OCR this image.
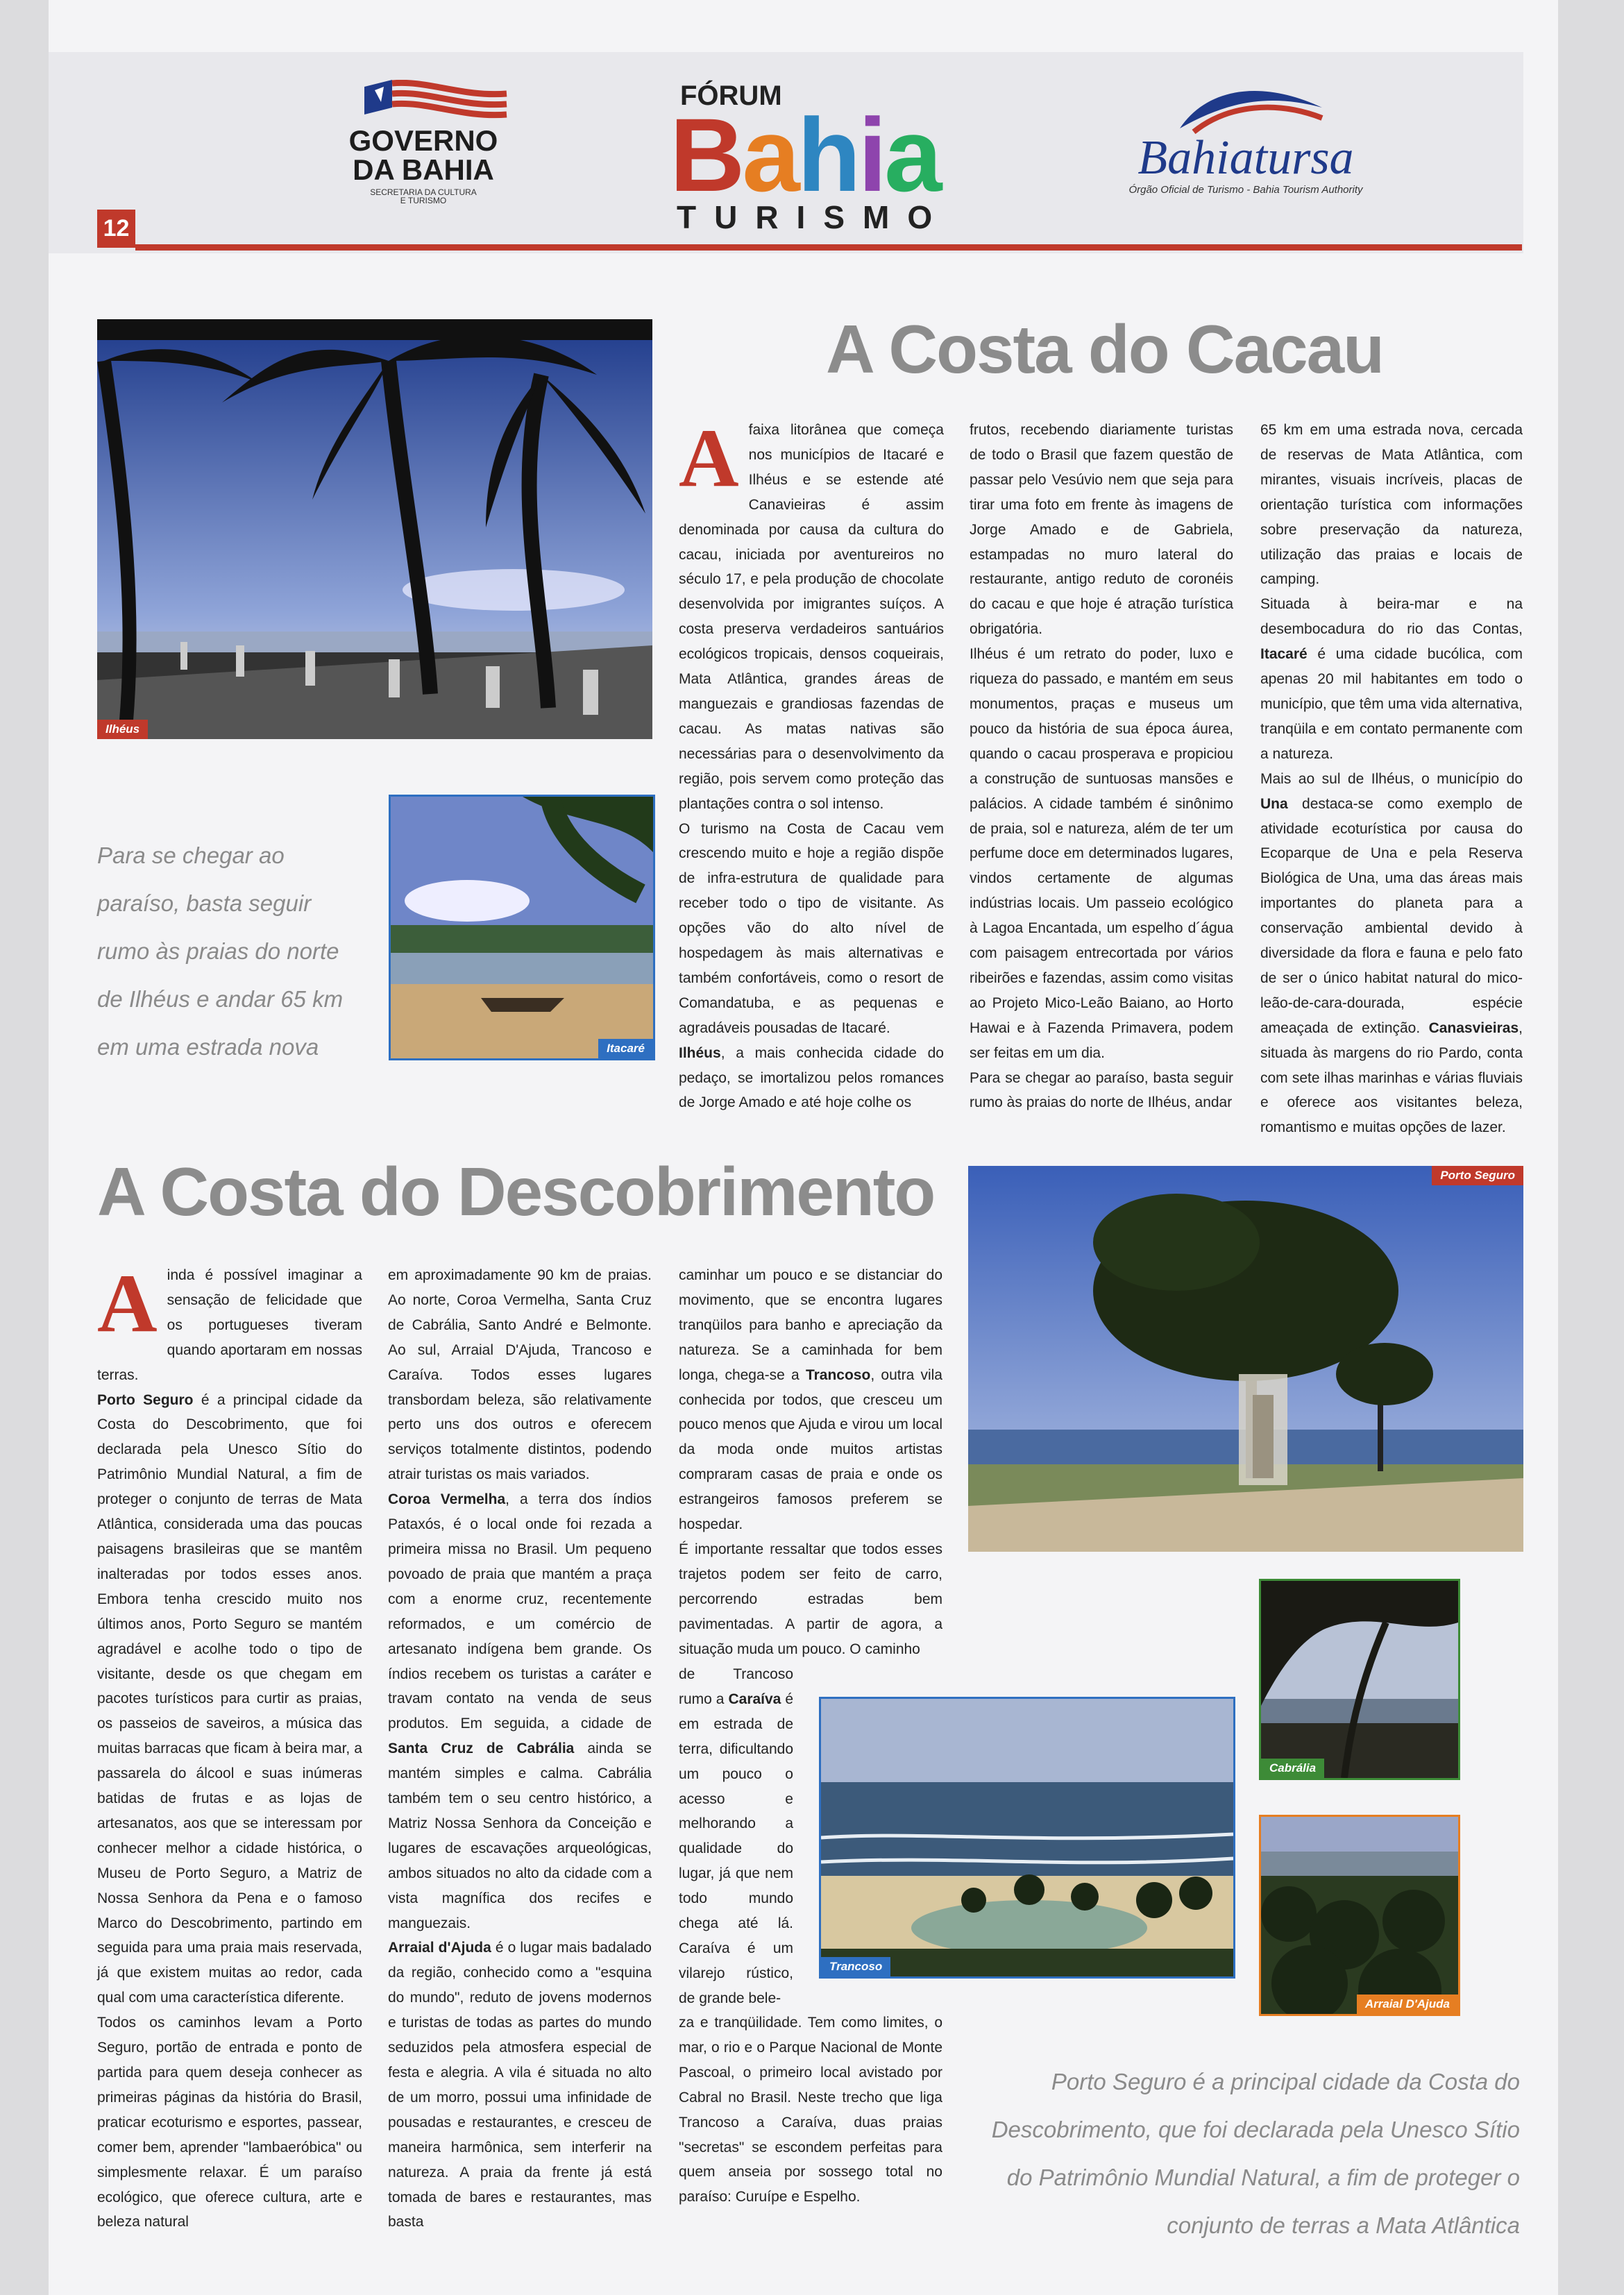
GOVERNO
DA BAHIA
SECRETARIA DA CULTURA
E TURISMO
FÓRUM
Bahia
TURISMO
Bahiatursa
Órgão Oficial de Turismo - Bahia Tourism Authority
12
A Costa do Cacau
Ilhéus
Itacaré
Para se chegar ao
paraíso, basta seguir
rumo às praias do norte
de Ilhéus e andar 65 km
em uma estrada nova
A faixa litorânea que começa nos municípios de Itacaré e Ilhéus e se estende até Canavieiras é assim denominada por causa da cultura do cacau, iniciada por aventureiros no século 17, e pela produção de chocolate desenvolvida por imigrantes suíços. A costa preserva verdadeiros santuários ecológicos tropicais, densos coqueirais, Mata Atlântica, grandes áreas de manguezais e grandiosas fazendas de cacau. As matas nativas são necessárias para o desenvolvimento da região, pois servem como proteção das plantações contra o sol intenso.

O turismo na Costa de Cacau vem crescendo muito e hoje a região dispõe de infra-estrutura de qualidade para receber todo o tipo de visitante. As opções vão do alto nível de hospedagem às mais alternativas e também confortáveis, como o resort de Comandatuba, e as pequenas e agradáveis pousadas de Itacaré.

Ilhéus, a mais conhecida cidade do pedaço, se imortalizou pelos romances de Jorge Amado e até hoje colhe os

frutos, recebendo diariamente turistas de todo o Brasil que fazem questão de passar pelo Vesúvio nem que seja para tirar uma foto em frente às imagens de Jorge Amado e de Gabriela, estampadas no muro lateral do restaurante, antigo reduto de coronéis do cacau e que hoje é atração turística obrigatória.

Ilhéus é um retrato do poder, luxo e riqueza do passado, e mantém em seus monumentos, praças e museus um pouco da história de sua época áurea, quando o cacau prosperava e propiciou a construção de suntuosas mansões e palácios. A cidade também é sinônimo de praia, sol e natureza, além de ter um perfume doce em determinados lugares, vindos certamente de algumas indústrias locais. Um passeio ecológico à Lagoa Encantada, um espelho d´água com paisagem entrecortada por vários ribeirões e fazendas, assim como visitas ao Projeto Mico-Leão Baiano, ao Horto Hawai e à Fazenda Primavera, podem ser feitas em um dia.

Para se chegar ao paraíso, basta seguir rumo às praias do norte de Ilhéus, andar

65 km em uma estrada nova, cercada de reservas de Mata Atlântica, com mirantes, visuais incríveis, placas de orientação turística com informações sobre preservação da natureza, utilização das praias e locais de camping.

Situada à beira-mar e na desembocadura do rio das Contas, Itacaré é uma cidade bucólica, com apenas 20 mil habitantes em todo o município, que têm uma vida alternativa, tranqüila e em contato permanente com a natureza.

Mais ao sul de Ilhéus, o município do Una destaca-se como exemplo de atividade ecoturística por causa do Ecoparque de Una e pela Reserva Biológica de Una, uma das áreas mais importantes do planeta para a conservação ambiental devido à diversidade da flora e fauna e pelo fato de ser o único habitat natural do mico-leão-de-cara-dourada, espécie ameaçada de extinção. Canasvieiras, situada às margens do rio Pardo, conta com sete ilhas marinhas e várias fluviais e oferece aos visitantes beleza, romantismo e muitas opções de lazer.

A Costa do Descobrimento
A inda é possível imaginar a sensação de felicidade que os portugueses tiveram quando aportaram em nossas terras.

Porto Seguro é a principal cidade da Costa do Descobrimento, que foi declarada pela Unesco Sítio do Patrimônio Mundial Natural, a fim de proteger o conjunto de terras de Mata Atlântica, considerada uma das poucas paisagens brasileiras que se mantêm inalteradas por todos esses anos. Embora tenha crescido muito nos últimos anos, Porto Seguro se mantém agradável e acolhe todo o tipo de visitante, desde os que chegam em pacotes turísticos para curtir as praias, os passeios de saveiros, a música das muitas barracas que ficam à beira mar, a passarela do álcool e suas inúmeras batidas de frutas e as lojas de artesanatos, aos que se interessam por conhecer melhor a cidade histórica, o Museu de Porto Seguro, a Matriz de Nossa Senhora da Pena e o famoso Marco do Descobrimento, partindo em seguida para uma praia mais reservada, já que existem muitas ao redor, cada qual com uma característica diferente.

Todos os caminhos levam a Porto Seguro, portão de entrada e ponto de partida para quem deseja conhecer as primeiras páginas da história do Brasil, praticar ecoturismo e esportes, passear, comer bem, aprender "lambaeróbica" ou simplesmente relaxar. É um paraíso ecológico, que oferece cultura, arte e beleza natural

em aproximadamente 90 km de praias. Ao norte, Coroa Vermelha, Santa Cruz de Cabrália, Santo André e Belmonte. Ao sul, Arraial D'Ajuda, Trancoso e Caraíva. Todos esses lugares transbordam beleza, são relativamente perto uns dos outros e oferecem serviços totalmente distintos, podendo atrair turistas os mais variados.

Coroa Vermelha, a terra dos índios Pataxós, é o local onde foi rezada a primeira missa no Brasil. Um pequeno povoado de praia que mantém a praça com a enorme cruz, recentemente reformados, e um comércio de artesanato indígena bem grande. Os índios recebem os turistas a caráter e travam contato na venda de seus produtos. Em seguida, a cidade de Santa Cruz de Cabrália ainda se mantém simples e calma. Cabrália também tem o seu centro histórico, a Matriz Nossa Senhora da Conceição e lugares de escavações arqueológicas, ambos situados no alto da cidade com a vista magnífica dos recifes e manguezais.

Arraial d'Ajuda é o lugar mais badalado da região, conhecido como a "esquina do mundo", reduto de jovens modernos e turistas de todas as partes do mundo seduzidos pela atmosfera especial de festa e alegria. A vila é situada no alto de um morro, possui uma infinidade de pousadas e restaurantes, e cresceu de maneira harmônica, sem interferir na natureza. A praia da frente já está tomada de bares e restaurantes, mas basta

caminhar um pouco e se distanciar do movimento, que se encontra lugares tranqüilos para banho e apreciação da natureza. Se a caminhada for bem longa, chega-se a Trancoso, outra vila conhecida por todos, que cresceu um pouco menos que Ajuda e virou um local da moda onde muitos artistas compraram casas de praia e onde os estrangeiros famosos preferem se hospedar.

É importante ressaltar que todos esses trajetos podem ser feito de carro, percorrendo estradas bem pavimentadas. A partir de agora, a situação muda um pouco. O caminho

de Trancoso rumo a Caraíva é em estrada de terra, dificultando um pouco o acesso e melhorando a qualidade do lugar, já que nem todo mundo chega até lá. Caraíva é um vilarejo rústico, de grande bele-

za e tranqüilidade. Tem como limites, o mar, o rio e o Parque Nacional de Monte Pascoal, o primeiro local avistado por Cabral no Brasil. Neste trecho que liga Trancoso a Caraíva, duas praias "secretas" se escondem perfeitas para quem anseia por sossego total no paraíso: Curuípe e Espelho.

Porto Seguro
Cabrália
Arraial D'Ajuda
Trancoso
Porto Seguro é a principal cidade da Costa do
Descobrimento, que foi declarada pela Unesco Sítio
do Patrimônio Mundial Natural, a fim de proteger o
conjunto de terras a Mata Atlântica
